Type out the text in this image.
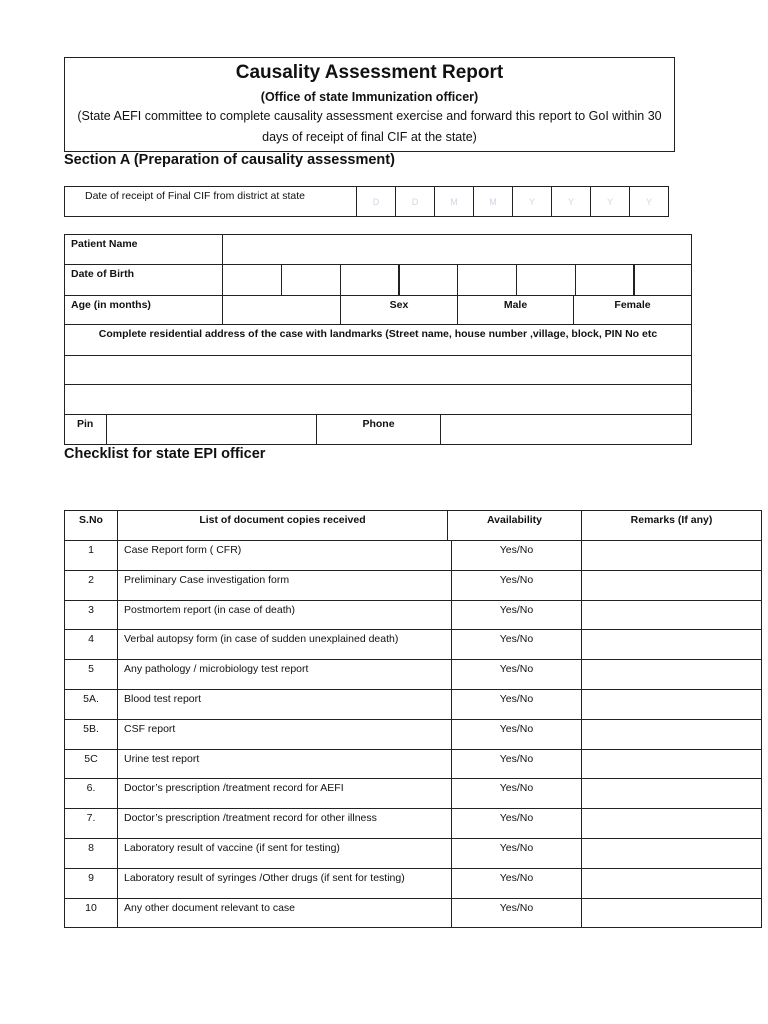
Causality Assessment Report
(Office of state Immunization officer)
(State AEFI committee to complete causality assessment exercise and forward this report to GoI within 30 days of receipt of final CIF at the state)
Section A (Preparation of causality assessment)
Date of receipt of Final CIF from district at state	D	D	M	M	Y	Y	Y	Y
Patient Name
Date of Birth
Age (in months)	Sex	Male	Female
Complete residential address of the case with landmarks (Street name, house number ,village, block, PIN No etc
Pin	Phone
Checklist for state EPI officer
S.No	List of document copies received	Availability	Remarks (If any)
1	Case Report form ( CFR)	Yes/No
2	Preliminary Case investigation form	Yes/No
3	Postmortem report (in case of death)	Yes/No
4	Verbal autopsy form (in case of sudden unexplained death)	Yes/No
5	Any pathology / microbiology test report	Yes/No
5A.	Blood test report	Yes/No
5B.	CSF report	Yes/No
5C	Urine test report	Yes/No
6.	Doctor’s prescription /treatment record for AEFI	Yes/No
7.	Doctor’s prescription /treatment record for other illness	Yes/No
8	Laboratory result of vaccine (if sent for testing)	Yes/No
9	Laboratory result of syringes /Other drugs (if sent for testing)	Yes/No
10	Any other document relevant to case	Yes/No
